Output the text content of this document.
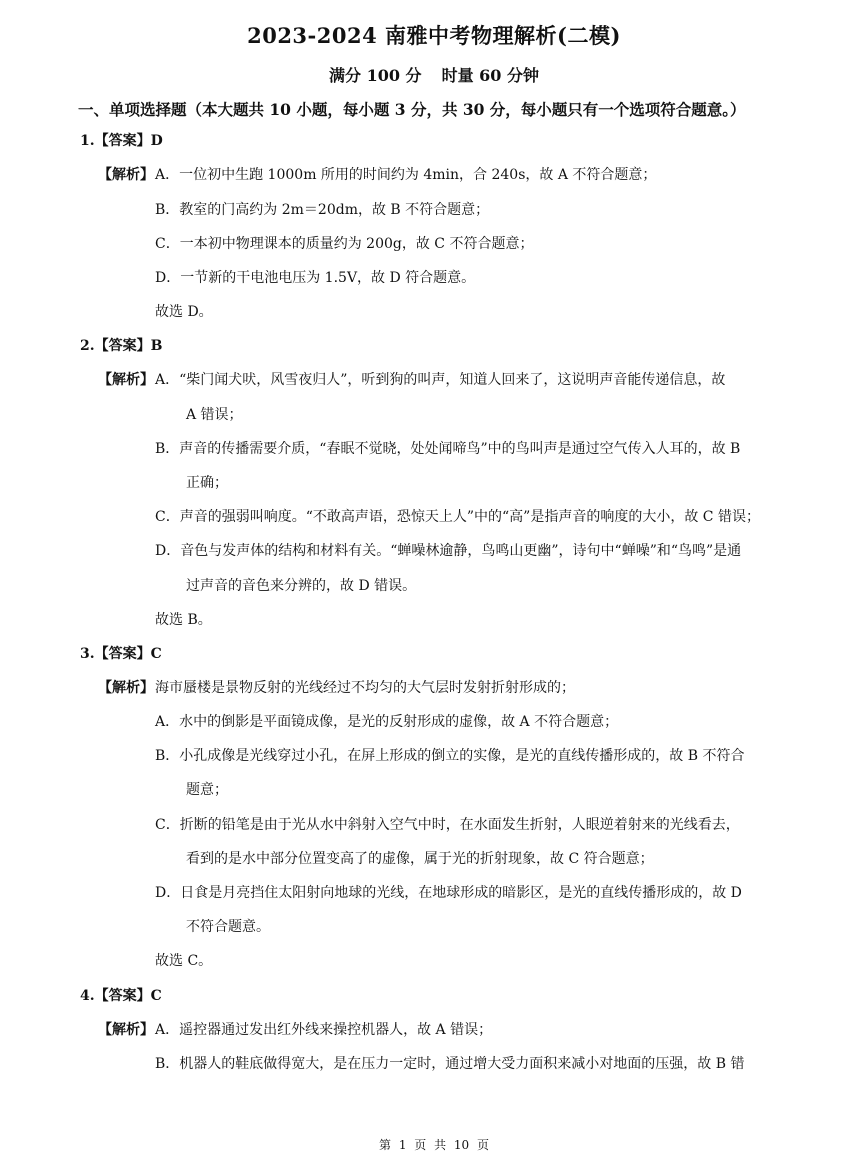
2023-2024 南雅中考物理解析(二模)
满分 100 分 时量 60 分钟
一、单项选择题（本大题共 10 小题，每小题 3 分，共 30 分，每小题只有一个选项符合题意。）
1.【答案】D
【解析】 A．一位初中生跑 1000m 所用的时间约为 4min，合 240s，故 A 不符合题意；
B．教室的门高约为 2m＝20dm，故 B 不符合题意；
C．一本初中物理课本的质量约为 200g，故 C 不符合题意；
D．一节新的干电池电压为 1.5V，故 D 符合题意。
故选 D。
2.【答案】B
【解析】 A．“柴门闻犬吠，风雪夜归人”，听到狗的叫声，知道人回来了，这说明声音能传递信息，故
A 错误；
B．声音的传播需要介质，“春眠不觉晓，处处闻啼鸟”中的鸟叫声是通过空气传入人耳的，故 B
正确；
C．声音的强弱叫响度。“不敢高声语，恐惊天上人”中的“高”是指声音的响度的大小，故 C 错误；
D．音色与发声体的结构和材料有关。“蝉噪林逾静，鸟鸣山更幽”，诗句中“蝉噪”和“鸟鸣”是通
过声音的音色来分辨的，故 D 错误。
故选 B。
3.【答案】C
【解析】 海市蜃楼是景物反射的光线经过不均匀的大气层时发射折射形成的；
A．水中的倒影是平面镜成像，是光的反射形成的虚像，故 A 不符合题意；
B．小孔成像是光线穿过小孔，在屏上形成的倒立的实像，是光的直线传播形成的，故 B 不符合
题意；
C．折断的铅笔是由于光从水中斜射入空气中时，在水面发生折射，人眼逆着射来的光线看去，
看到的是水中部分位置变高了的虚像，属于光的折射现象，故 C 符合题意；
D．日食是月亮挡住太阳射向地球的光线，在地球形成的暗影区，是光的直线传播形成的，故 D
不符合题意。
故选 C。
4.【答案】C
【解析】 A．遥控器通过发出红外线来操控机器人，故 A 错误；
B．机器人的鞋底做得宽大，是在压力一定时，通过增大受力面积来减小对地面的压强，故 B 错
第 1 页 共 10 页
